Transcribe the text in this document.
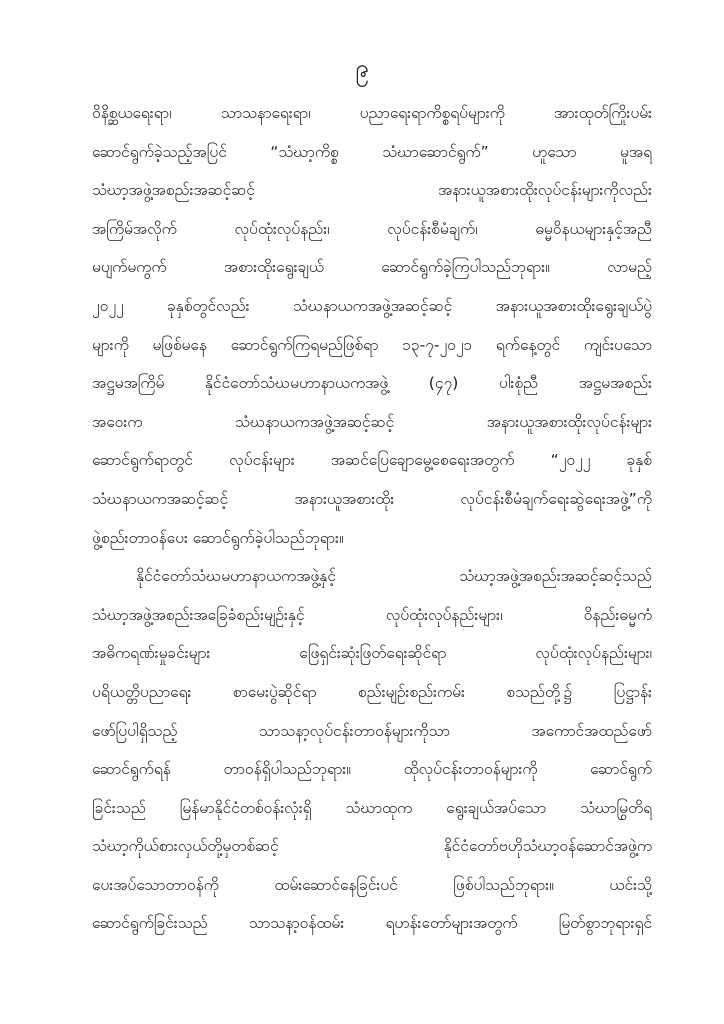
၉
ဝိနိစ္ဆယရေးရာ၊ သာသနာရေးရာ၊ ပညာရေးရာကိစ္စရပ်များကို အားထုတ်ကြိုးပမ်း
ဆောင်ရွက်ခဲ့သည့်အပြင် “သံဃာ့ကိစ္စ သံဃာဆောင်ရွက်” ဟူသော မူအရ
သံဃာ့အဖွဲ့အစည်းအဆင့်ဆင့် အနားယူအစားထိုးလုပ်ငန်းများကိုလည်း
အကြိမ်အလိုက် လုပ်ထုံးလုပ်နည်း၊ လုပ်ငန်းစီမံချက်၊ ဓမ္မဝိနယများနှင့်အညီ
မပျက်မကွက် အစားထိုးရွေးချယ် ဆောင်ရွက်ခဲ့ကြပါသည်ဘုရား။ လာမည့်
၂၀၂၂ ခုနှစ်တွင်လည်း သံဃနာယကအဖွဲ့အဆင့်ဆင့် အနားယူအစားထိုးရွေးချယ်ပွဲ
များကို မဖြစ်မနေ ဆောင်ရွက်ကြရမည်ဖြစ်ရာ ၁၃-၇-၂၀၂၁ ရက်နေ့တွင် ကျင်းပသော
အဋ္ဌမအကြိမ် နိုင်ငံတော်သံဃမဟာနာယကအဖွဲ့ (၄၇) ပါးစုံညီ အဋ္ဌမအစည်း
အဝေးက သံဃနာယကအဖွဲ့အဆင့်ဆင့် အနားယူအစားထိုးလုပ်ငန်းများ
ဆောင်ရွက်ရာတွင် လုပ်ငန်းများ အဆင်ပြေချောမွေ့စေရေးအတွက် “၂၀၂၂ ခုနှစ်
သံဃနာယကအဆင့်ဆင့် အနားယူအစားထိုး လုပ်ငန်းစီမံချက်ရေးဆွဲရေးအဖွဲ့”ကို
ဖွဲ့စည်းတာဝန်ပေး ဆောင်ရွက်ခဲ့ပါသည်ဘုရား။
နိုင်ငံတော်သံဃမဟာနာယကအဖွဲ့နှင့် သံဃာ့အဖွဲ့အစည်းအဆင့်ဆင့်သည်
သံဃာ့အဖွဲ့အစည်းအခြေခံစည်းမျဉ်းနှင့် လုပ်ထုံးလုပ်နည်းများ၊ ဝိနည်းဓမ္မကံ
အဓိကရဏ်းမှုခင်းများ ဖြေရှင်းဆုံးဖြတ်ရေးဆိုင်ရာ လုပ်ထုံးလုပ်နည်းများ၊
ပရိယတ္တိပညာရေး စာမေးပွဲဆိုင်ရာ စည်းမျဉ်းစည်းကမ်း စသည်တို့၌ ပြဋ္ဌာန်း
ဖော်ပြပါရှိသည့် သာသနာ့လုပ်ငန်းတာဝန်များကိုသာ အကောင်အထည်ဖော်
ဆောင်ရွက်ရန် တာဝန်ရှိပါသည်ဘုရား။ ထိုလုပ်ငန်းတာဝန်များကို ဆောင်ရွက်
ခြင်းသည် မြန်မာနိုင်ငံတစ်ဝန်းလုံးရှိ သံဃာထုက ရွေးချယ်အပ်သော သံဃာမြွတိရ
သံဃာ့ကိုယ်စားလှယ်တို့မှတစ်ဆင့် နိုင်ငံတော်ဗဟိုသံဃာ့ဝန်ဆောင်အဖွဲ့က
ပေးအပ်သောတာဝန်ကို ထမ်းဆောင်နေခြင်းပင် ဖြစ်ပါသည်ဘုရား။ ယင်းသို့
ဆောင်ရွက်ခြင်းသည် သာသနာ့ဝန်ထမ်း ရဟန်းတော်များအတွက် မြတ်စွာဘုရားရှင်
